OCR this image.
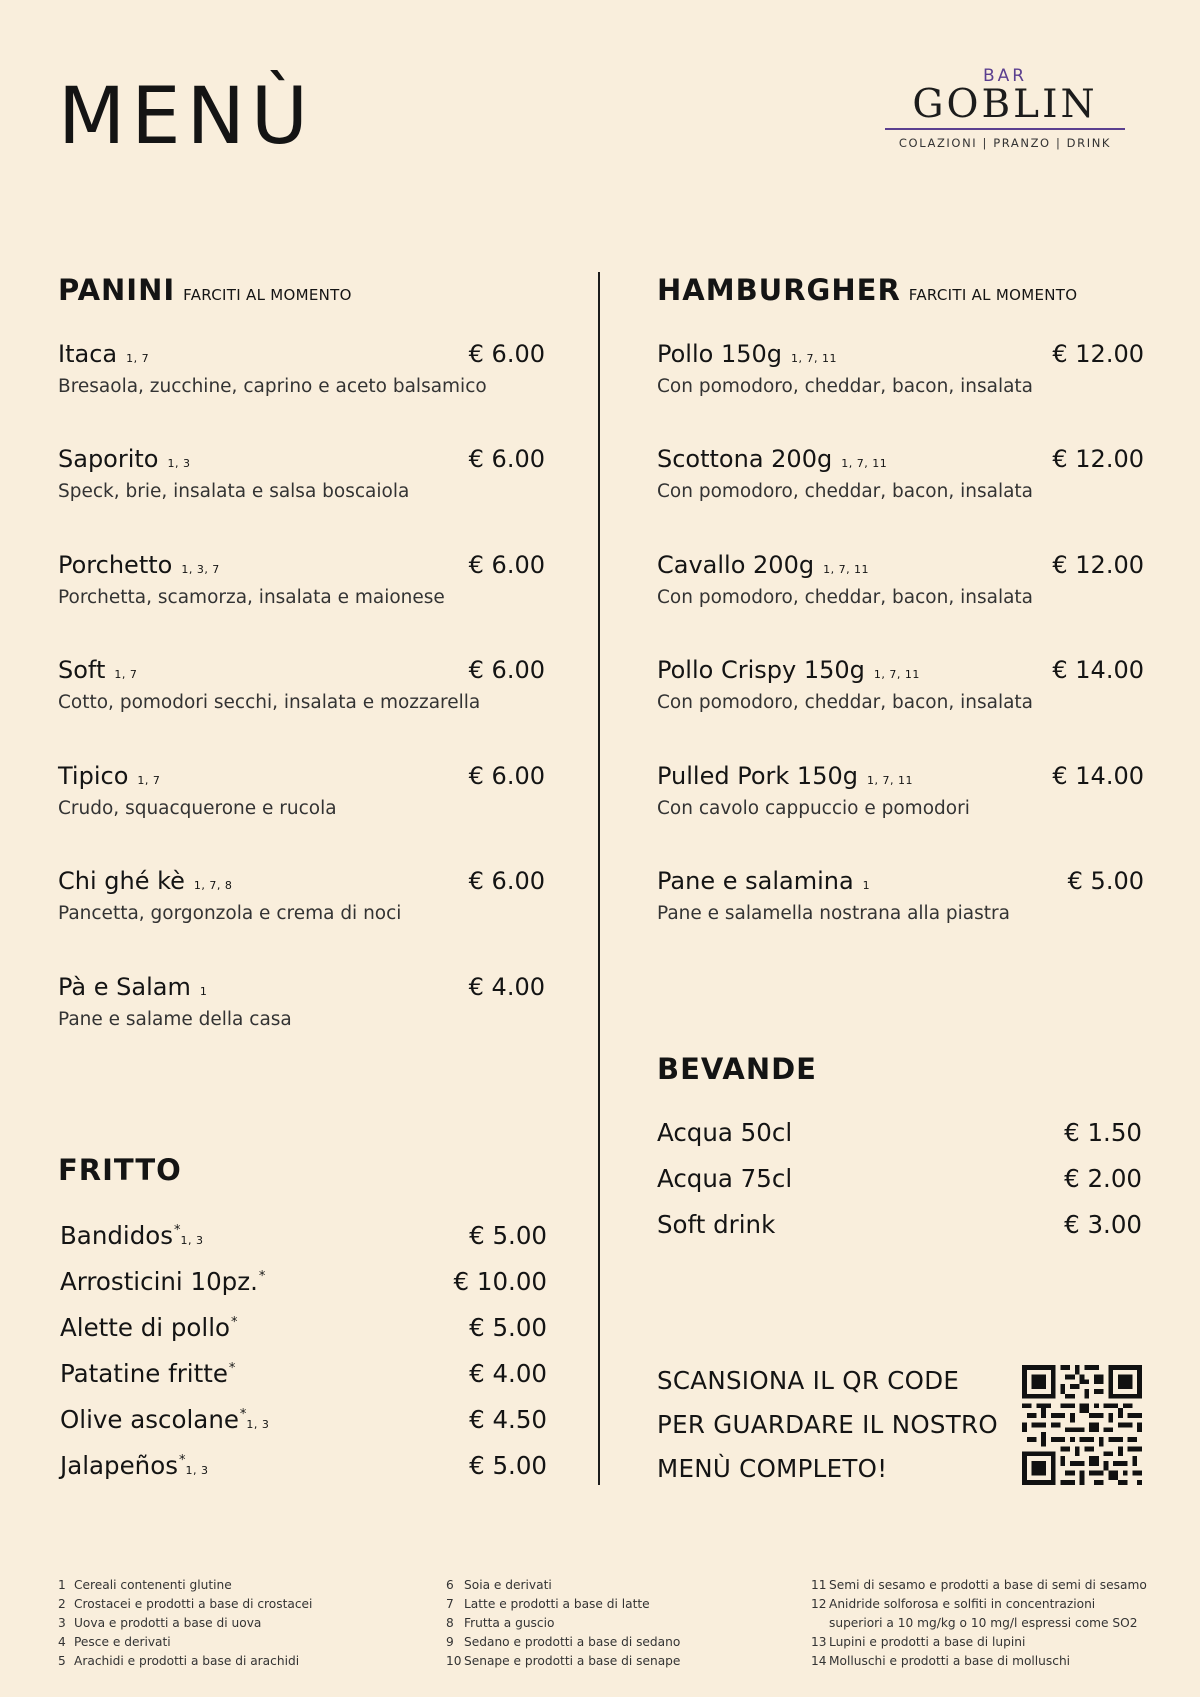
MENÙ	BAR
GOBLIN
COLAZIONI | PRANZO | DRINK
PANINI FARCITI AL MOMENTO
Itaca 1, 7	€ 6.00
Bresaola, zucchine, caprino e aceto balsamico
Saporito 1, 3	€ 6.00
Speck, brie, insalata e salsa boscaiola
Porchetto 1, 3, 7	€ 6.00
Porchetta, scamorza, insalata e maionese
Soft 1, 7	€ 6.00
Cotto, pomodori secchi, insalata e mozzarella
Tipico 1, 7	€ 6.00
Crudo, squacquerone e rucola
Chi ghé kè 1, 7, 8	€ 6.00
Pancetta, gorgonzola e crema di noci
Pà e Salam 1	€ 4.00
Pane e salame della casa
FRITTO
Bandidos*1, 3	€ 5.00
Arrosticini 10pz.*	€ 10.00
Alette di pollo*	€ 5.00
Patatine fritte*	€ 4.00
Olive ascolane*1, 3	€ 4.50
Jalapeños*1, 3	€ 5.00
HAMBURGHER FARCITI AL MOMENTO
Pollo 150g 1, 7, 11	€ 12.00
Con pomodoro, cheddar, bacon, insalata
Scottona 200g 1, 7, 11	€ 12.00
Con pomodoro, cheddar, bacon, insalata
Cavallo 200g 1, 7, 11	€ 12.00
Con pomodoro, cheddar, bacon, insalata
Pollo Crispy 150g 1, 7, 11	€ 14.00
Con pomodoro, cheddar, bacon, insalata
Pulled Pork 150g 1, 7, 11	€ 14.00
Con cavolo cappuccio e pomodori
Pane e salamina 1	€ 5.00
Pane e salamella nostrana alla piastra
BEVANDE
Acqua 50cl	€ 1.50
Acqua 75cl	€ 2.00
Soft drink	€ 3.00
SCANSIONA IL QR CODE
PER GUARDARE IL NOSTRO
MENÙ COMPLETO!
1 Cereali contenenti glutine
2 Crostacei e prodotti a base di crostacei
3 Uova e prodotti a base di uova
4 Pesce e derivati
5 Arachidi e prodotti a base di arachidi
6 Soia e derivati
7 Latte e prodotti a base di latte
8 Frutta a guscio
9 Sedano e prodotti a base di sedano
10 Senape e prodotti a base di senape
11 Semi di sesamo e prodotti a base di semi di sesamo
12 Anidride solforosa e solfiti in concentrazioni
superiori a 10 mg/kg o 10 mg/l espressi come SO2
13 Lupini e prodotti a base di lupini
14 Molluschi e prodotti a base di molluschi
